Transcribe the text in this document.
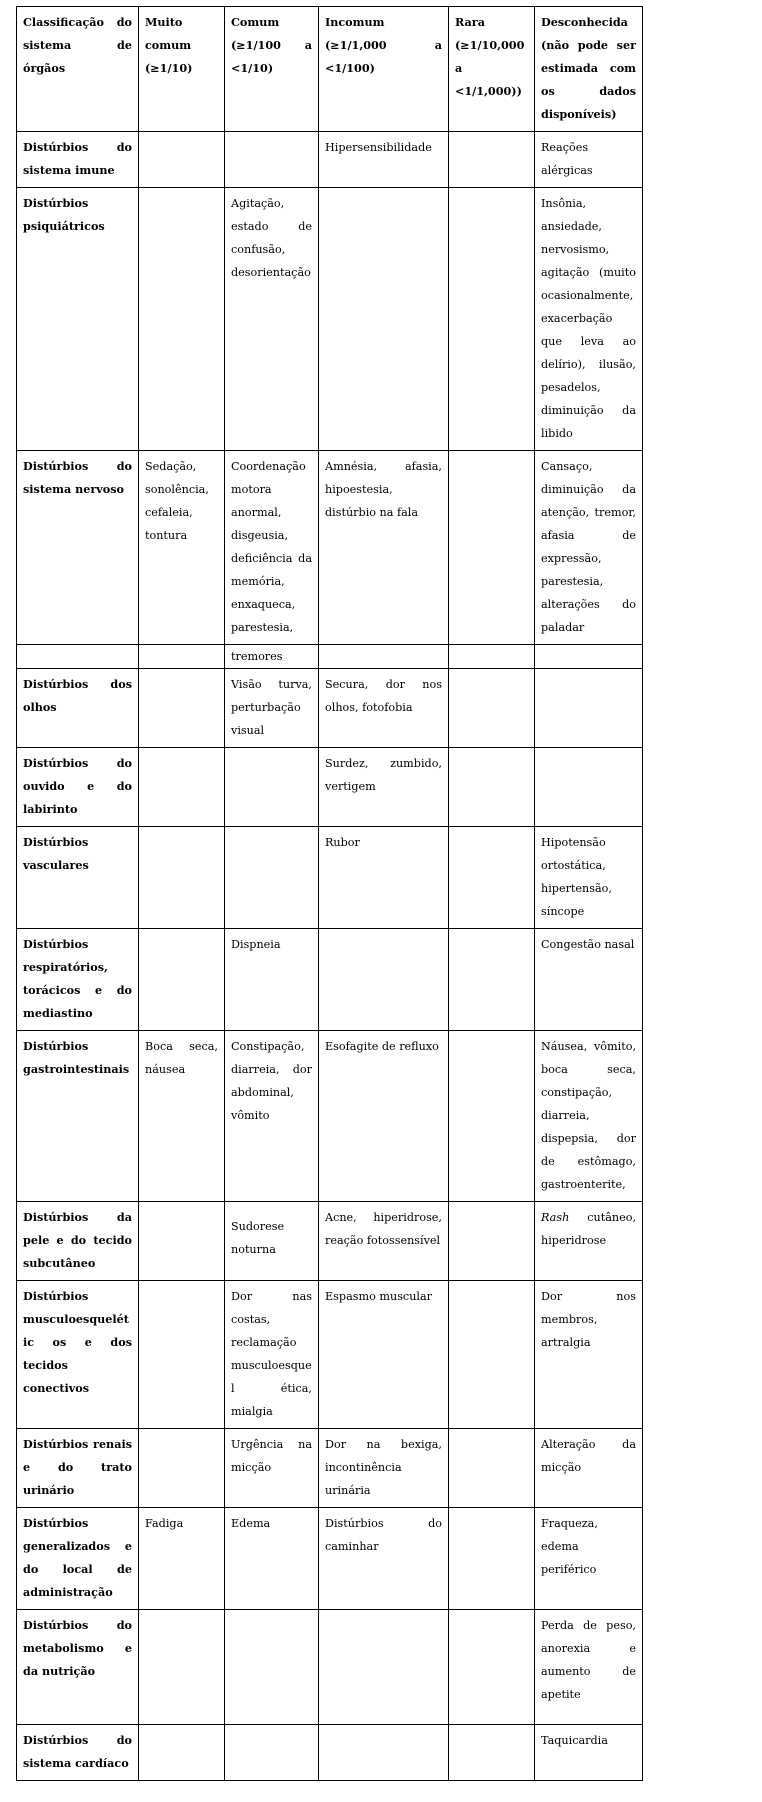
Classificação do sistema de órgãos	Muito comum (≥1/10)	Comum (≥1/100 a <1/10)	Incomum (≥1/1,000 a <1/100)	Rara (≥1/10,000 a <1/1,000))	Desconhecida (não pode ser estimada com os dados disponíveis)
Distúrbios do sistema imune			Hipersensibilidade		Reações alérgicas
Distúrbios psiquiátricos		Agitação, estado de confusão, desorientação			Insônia, ansiedade, nervosismo, agitação (muito ocasionalmente, exacerbação que leva ao delírio), ilusão, pesadelos, diminuição da libido
Distúrbios do sistema nervoso	Sedação, sonolência, cefaleia, tontura	Coordenação motora anormal, disgeusia, deficiência da memória, enxaqueca, parestesia,	Amnésia, afasia, hipoestesia, distúrbio na fala		Cansaço, diminuição da atenção, tremor, afasia de expressão, parestesia, alterações do paladar
		tremores			
Distúrbios dos olhos		Visão turva, perturbação visual	Secura, dor nos olhos, fotofobia		
Distúrbios do ouvido e do labirinto			Surdez, zumbido, vertigem		
Distúrbios vasculares			Rubor		Hipotensão ortostática, hipertensão, síncope
Distúrbios respiratórios, torácicos e do mediastino		Dispneia			Congestão nasal
Distúrbios gastrointestinais	Boca seca, náusea	Constipação, diarreia, dor abdominal, vômito	Esofagite de refluxo		Náusea, vômito, boca seca, constipação, diarreia, dispepsia, dor de estômago, gastroenterite,
Distúrbios da pele e do tecido subcutâneo		Sudorese noturna	Acne, hiperidrose, reação fotossensível		Rash cutâneo, hiperidrose
Distúrbios musculoesquelétic os e dos tecidos conectivos		Dor nas costas, reclamação musculoesquel ética, mialgia	Espasmo muscular		Dor nos membros, artralgia
Distúrbios renais e do trato urinário		Urgência na micção	Dor na bexiga, incontinência urinária		Alteração da micção
Distúrbios generalizados e do local de administração	Fadiga	Edema	Distúrbios do caminhar		Fraqueza, edema periférico
Distúrbios do metabolismo e da nutrição					Perda de peso, anorexia e aumento de apetite
Distúrbios do sistema cardíaco					Taquicardia
